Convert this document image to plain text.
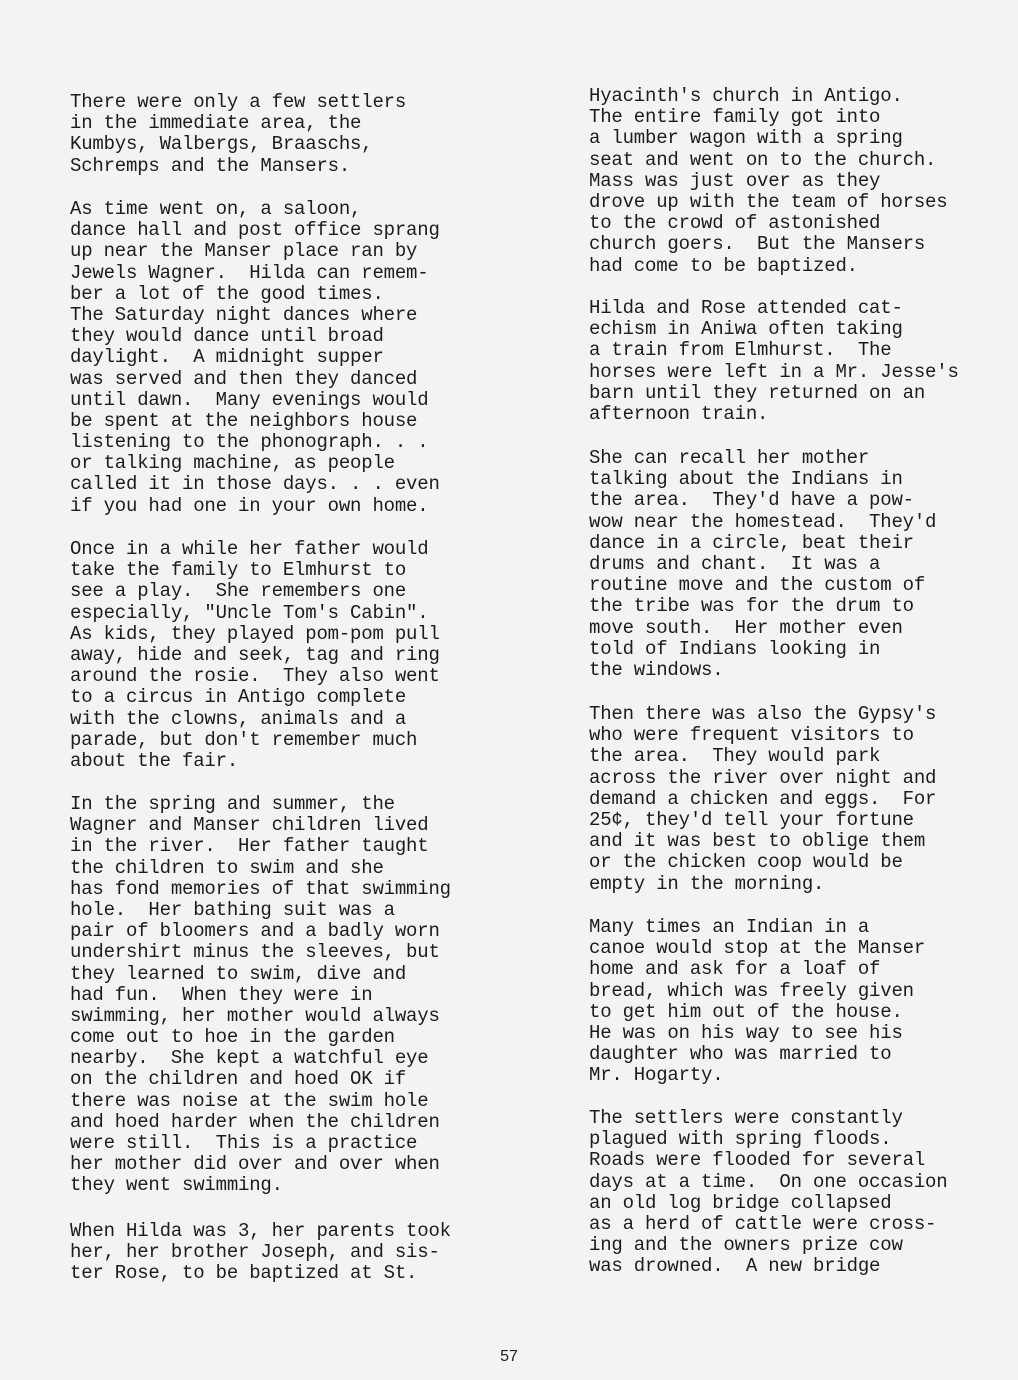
There were only a few settlers
in the immediate area, the
Kumbys, Walbergs, Braaschs,
Schremps and the Mansers.
As time went on, a saloon,
dance hall and post office sprang
up near the Manser place ran by
Jewels Wagner.  Hilda can remem-
ber a lot of the good times.
The Saturday night dances where
they would dance until broad
daylight.  A midnight supper
was served and then they danced
until dawn.  Many evenings would
be spent at the neighbors house
listening to the phonograph. . .
or talking machine, as people
called it in those days. . . even
if you had one in your own home.
Once in a while her father would
take the family to Elmhurst to
see a play.  She remembers one
especially, "Uncle Tom's Cabin".
As kids, they played pom-pom pull
away, hide and seek, tag and ring
around the rosie.  They also went
to a circus in Antigo complete
with the clowns, animals and a
parade, but don't remember much
about the fair.
In the spring and summer, the
Wagner and Manser children lived
in the river.  Her father taught
the children to swim and she
has fond memories of that swimming
hole.  Her bathing suit was a
pair of bloomers and a badly worn
undershirt minus the sleeves, but
they learned to swim, dive and
had fun.  When they were in
swimming, her mother would always
come out to hoe in the garden
nearby.  She kept a watchful eye
on the children and hoed OK if
there was noise at the swim hole
and hoed harder when the children
were still.  This is a practice
her mother did over and over when
they went swimming.
When Hilda was 3, her parents took
her, her brother Joseph, and sis-
ter Rose, to be baptized at St.
Hyacinth's church in Antigo.
The entire family got into
a lumber wagon with a spring
seat and went on to the church.
Mass was just over as they
drove up with the team of horses
to the crowd of astonished
church goers.  But the Mansers
had come to be baptized.
Hilda and Rose attended cat-
echism in Aniwa often taking
a train from Elmhurst.  The
horses were left in a Mr. Jesse's
barn until they returned on an
afternoon train.
She can recall her mother
talking about the Indians in
the area.  They'd have a pow-
wow near the homestead.  They'd
dance in a circle, beat their
drums and chant.  It was a
routine move and the custom of
the tribe was for the drum to
move south.  Her mother even
told of Indians looking in
the windows.
Then there was also the Gypsy's
who were frequent visitors to
the area.  They would park
across the river over night and
demand a chicken and eggs.  For
25¢, they'd tell your fortune
and it was best to oblige them
or the chicken coop would be
empty in the morning.
Many times an Indian in a
canoe would stop at the Manser
home and ask for a loaf of
bread, which was freely given
to get him out of the house.
He was on his way to see his
daughter who was married to
Mr. Hogarty.
The settlers were constantly
plagued with spring floods.
Roads were flooded for several
days at a time.  On one occasion
an old log bridge collapsed
as a herd of cattle were cross-
ing and the owners prize cow
was drowned.  A new bridge
57
